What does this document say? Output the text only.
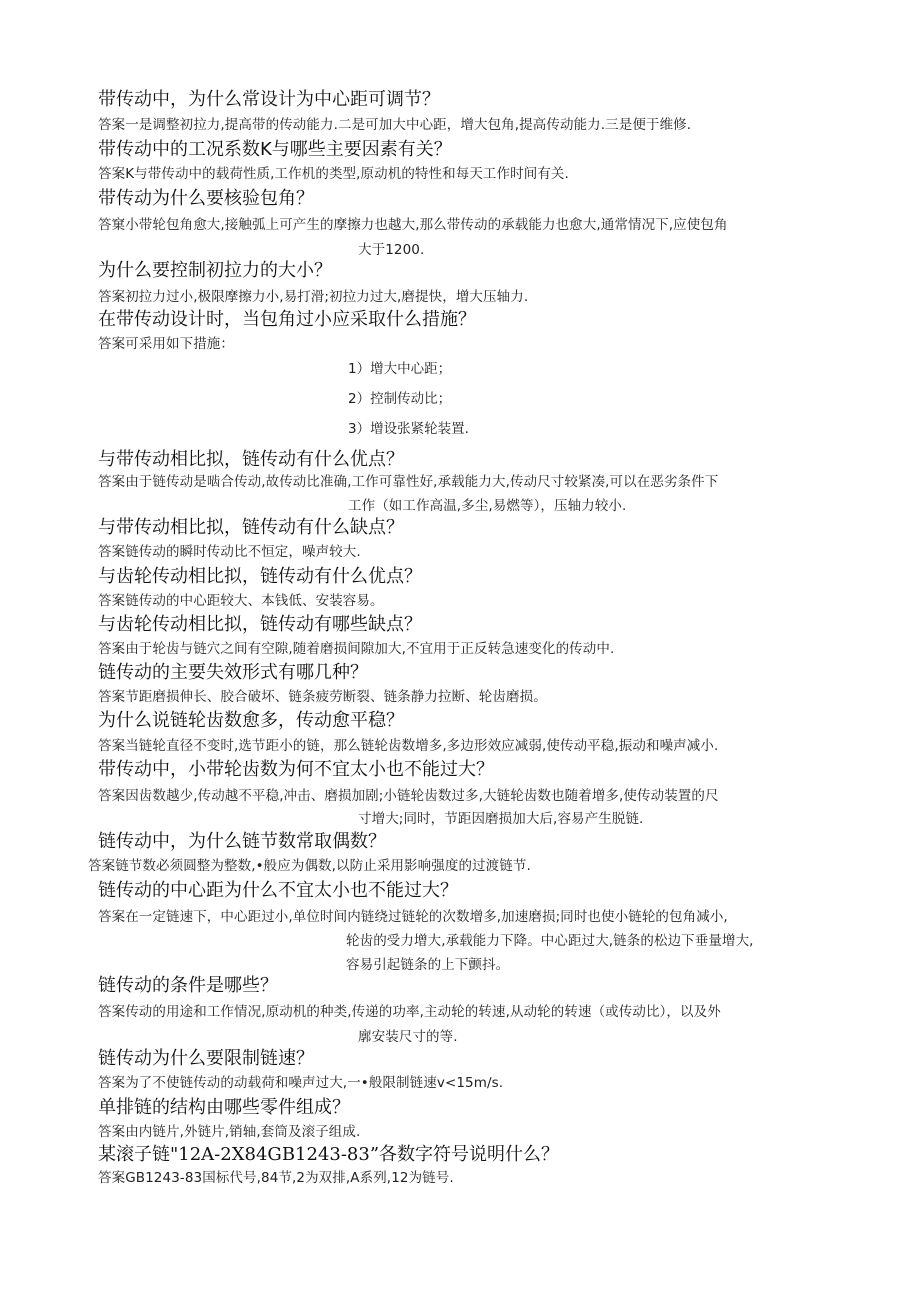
带传动中，为什么常设计为中心距可调节？
答案一是调整初拉力,提高带的传动能力.二是可加大中心距，增大包角,提高传动能力.三是便于维修.
带传动中的工况系数K与哪些主要因素有关？
答案K与带传动中的载荷性质,工作机的类型,原动机的特性和每天工作时间有关.
带传动为什么要核验包角？
答窠小带轮包角愈大,接触弧上可产生的摩擦力也越大,那么带传动的承载能力也愈大,通常情况下,应使包角
大于1200.
为什么要控制初拉力的大小？
答案初拉力过小,极限摩擦力小,易打滑;初拉力过大,磨提快，增大压轴力.
在带传动设计时，当包角过小应采取什么措施？
答案可采用如下措施：
1）增大中心距；
2）控制传动比；
3）增设张紧轮装置.
与带传动相比拟，链传动有什么优点？
答案由于链传动是啮合传动,故传动比准确,工作可靠性好,承载能力大,传动尺寸较紧凑,可以在恶劣条件下
工作（如工作高温,多尘,易燃等），压轴力较小.
与带传动相比拟，链传动有什么缺点？
答案链传动的瞬时传动比不恒定，噪声较大.
与齿轮传动相比拟，链传动有什么优点？
答案链传动的中心距较大、本钱低、安装容易。
与齿轮传动相比拟，链传动有哪些缺点？
答案由于轮齿与链穴之间有空隙,随着磨损间隙加大,不宜用于正反转急速变化的传动中.
链传动的主要失效形式有哪几种？
答案节距磨损伸长、胶合破坏、链条疲劳断裂、链条静力拉断、轮齿磨损。
为什么说链轮齿数愈多，传动愈平稳？
答案当链轮直径不变时,选节距小的链，那么链轮齿数增多,多边形效应减弱,使传动平稳,振动和噪声减小.
带传动中，小带轮齿数为何不宜太小也不能过大？
答案因齿数越少,传动越不平稳,冲击、磨损加剧;小链轮齿数过多,大链轮齿数也随着增多,使传动装置的尺
寸增大;同时，节距因磨损加大后,容易产生脱链.
链传动中，为什么链节数常取偶数？
答案链节数必须圆整为整数,•般应为偶数,以防止采用影响强度的过渡链节.
链传动的中心距为什么不宜太小也不能过大？
答案在一定链速下，中心距过小,单位时间内链绕过链轮的次数增多,加速磨损;同时也使小链轮的包角减小,
轮齿的受力增大,承载能力下降。中心距过大,链条的松边下垂量增大,
容易引起链条的上下颤抖。
链传动的条件是哪些？
答案传动的用途和工作情况,原动机的种类,传递的功率,主动轮的转速,从动轮的转速（或传动比），以及外
廓安装尺寸的等.
链传动为什么要限制链速？
答案为了不使链传动的动载荷和噪声过大,一•般限制链速v<15m∕s.
单排链的结构由哪些零件组成？
答案由内链片,外链片,销轴,套筒及滚子组成.
某滚子链"12A-2X84GB1243-83”各数字符号说明什么？
答案GB1243-83国标代号,84节,2为双排,A系列,12为链号.
